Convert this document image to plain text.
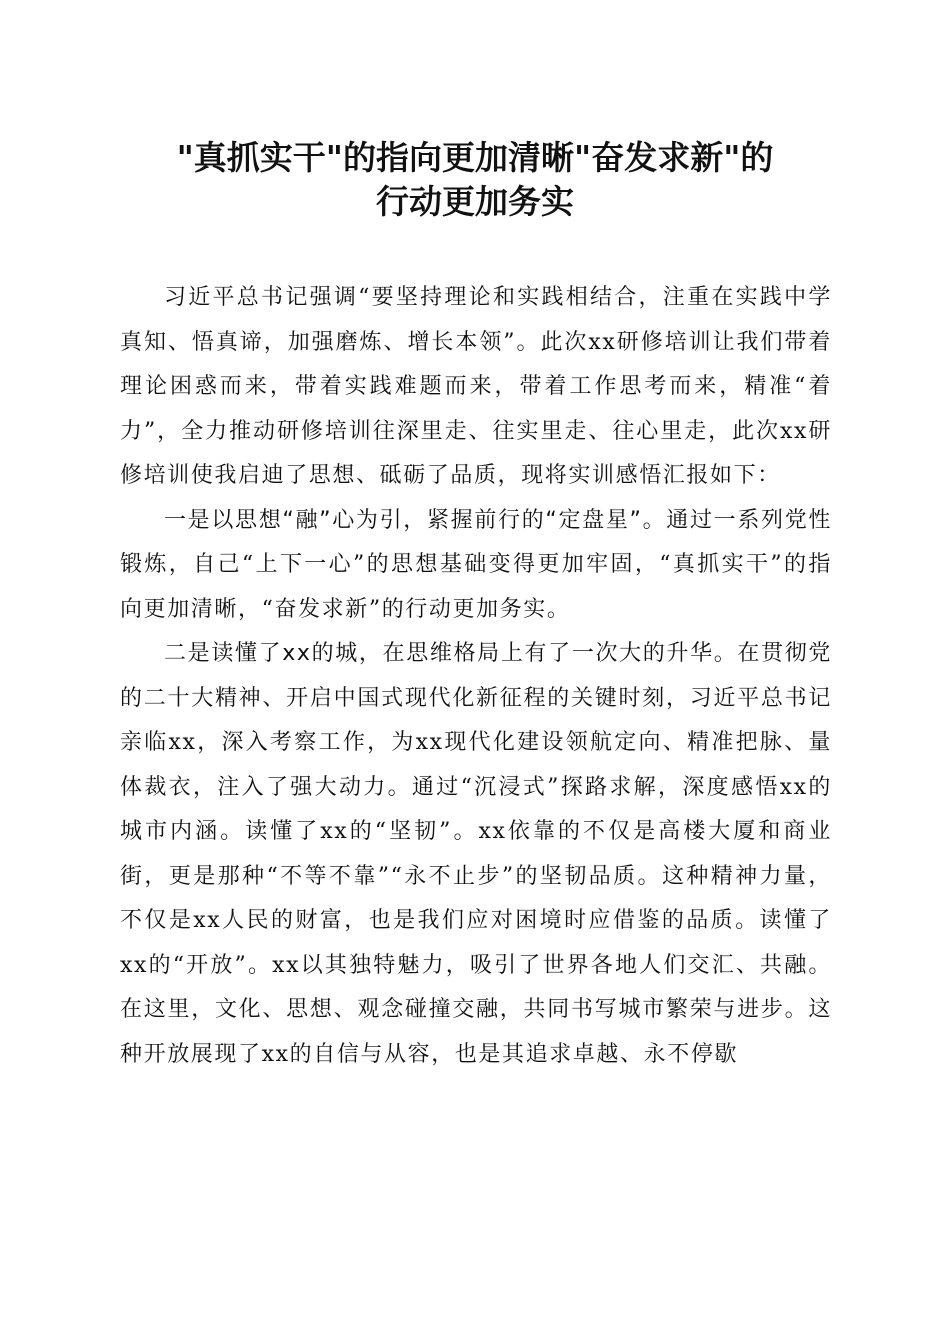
"真抓实干"的指向更加清晰"奋发求新"的
行动更加务实

习近平总书记强调“要坚持理论和实践相结合，注重在实践中学真知、悟真谛，加强磨炼、增长本领”。此次xx研修培训让我们带着理论困惑而来，带着实践难题而来，带着工作思考而来，精准“着力”，全力推动研修培训往深里走、往实里走、往心里走，此次xx研修培训使我启迪了思想、砥砺了品质，现将实训感悟汇报如下：

一是以思想“融”心为引，紧握前行的“定盘星”。通过一系列党性锻炼，自己“上下一心”的思想基础变得更加牢固，“真抓实干”的指向更加清晰，“奋发求新”的行动更加务实。

二是读懂了xx的城，在思维格局上有了一次大的升华。在贯彻党的二十大精神、开启中国式现代化新征程的关键时刻，习近平总书记亲临xx，深入考察工作，为xx现代化建设领航定向、精准把脉、量体裁衣，注入了强大动力。通过“沉浸式”探路求解，深度感悟xx的城市内涵。读懂了xx的“坚韧”。xx依靠的不仅是高楼大厦和商业街，更是那种“不等不靠”“永不止步”的坚韧品质。这种精神力量，不仅是xx人民的财富，也是我们应对困境时应借鉴的品质。读懂了xx的“开放”。xx以其独特魅力，吸引了世界各地人们交汇、共融。在这里，文化、思想、观念碰撞交融，共同书写城市繁荣与进步。这种开放展现了xx的自信与从容，也是其追求卓越、永不停歇
